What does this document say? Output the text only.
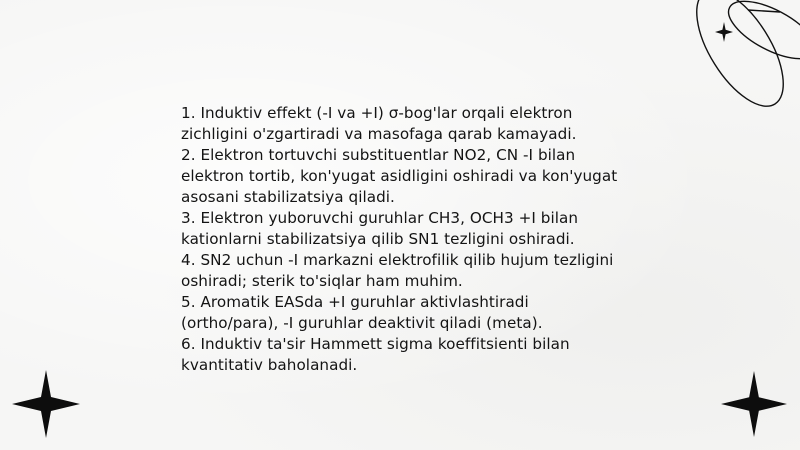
1. Induktiv effekt (-I va +I) σ-bog'lar orqali elektron zichligini o'zgartiradi va masofaga qarab kamayadi.
2. Elektron tortuvchi substituentlar NO2, CN -I bilan elektron tortib, kon'yugat asidligini oshiradi va kon'yugat asosani stabilizatsiya qiladi.
3. Elektron yuboruvchi guruhlar CH3, OCH3 +I bilan kationlarni stabilizatsiya qilib SN1 tezligini oshiradi.
4. SN2 uchun -I markazni elektrofilik qilib hujum tezligini oshiradi; sterik to'siqlar ham muhim.
5. Aromatik EASda +I guruhlar aktivlashtiradi (ortho/para), -I guruhlar deaktivit qiladi (meta).
6. Induktiv ta'sir Hammett sigma koeffitsienti bilan kvantitativ baholanadi.
